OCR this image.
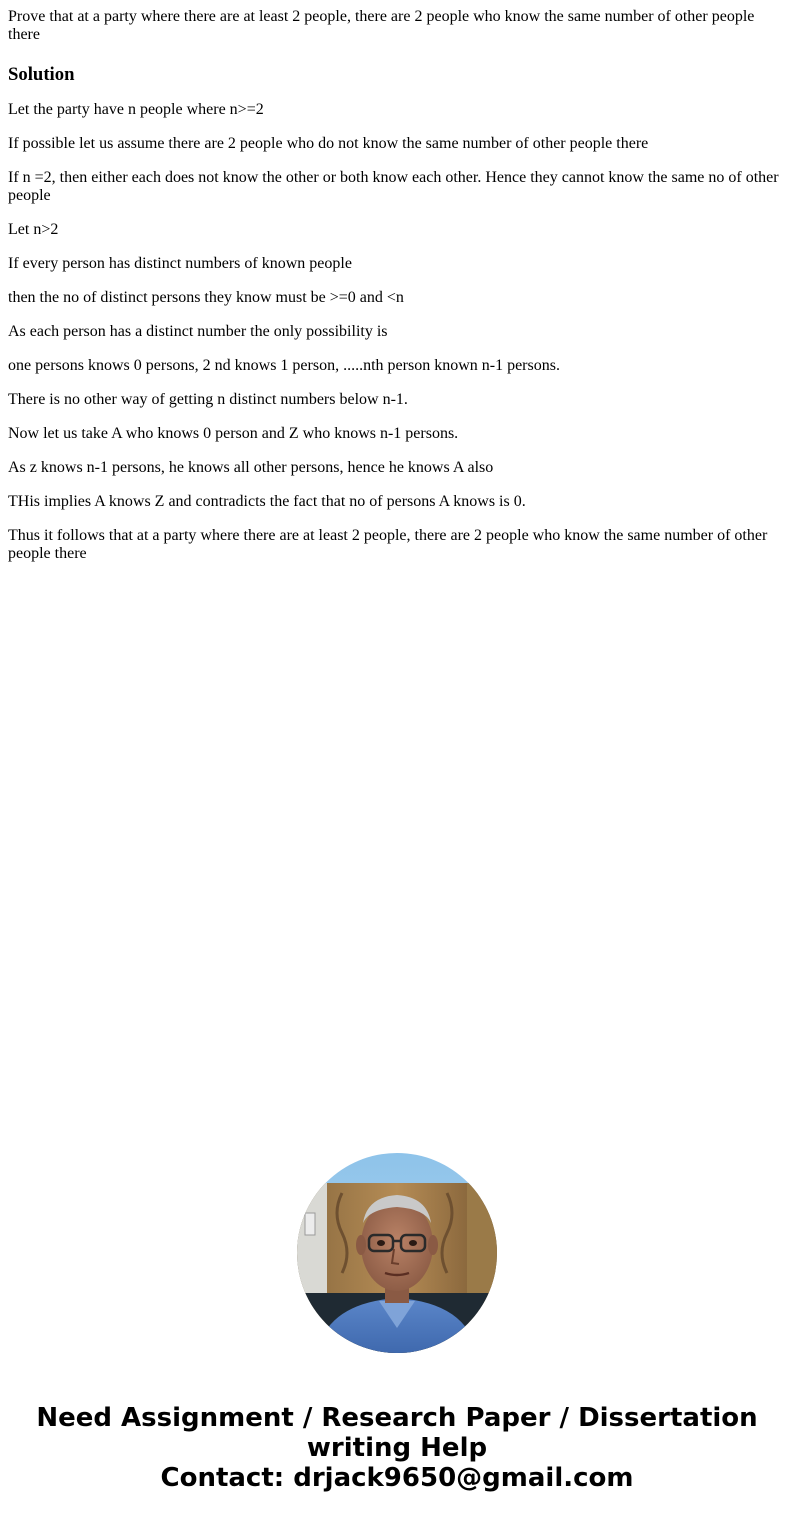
Prove that at a party where there are at least 2 people, there are 2 people who know the same number of other people there

Solution

Let the party have n people where n>=2

If possible let us assume there are 2 people who do not know the same number of other people there

If n =2, then either each does not know the other or both know each other. Hence they cannot know the same no of other people

Let n>2

If every person has distinct numbers of known people

then the no of distinct persons they know must be >=0 and <n

As each person has a distinct number the only possibility is

one persons knows 0 persons, 2 nd knows 1 person, .....nth person known n-1 persons.

There is no other way of getting n distinct numbers below n-1.

Now let us take A who knows 0 person and Z who knows n-1 persons.

As z knows n-1 persons, he knows all other persons, hence he knows A also

THis implies A knows Z and contradicts the fact that no of persons A knows is 0.

Thus it follows that at a party where there are at least 2 people, there are 2 people who know the same number of other people there

Need Assignment / Research Paper / Dissertation writing Help
Contact: drjack9650@gmail.com
